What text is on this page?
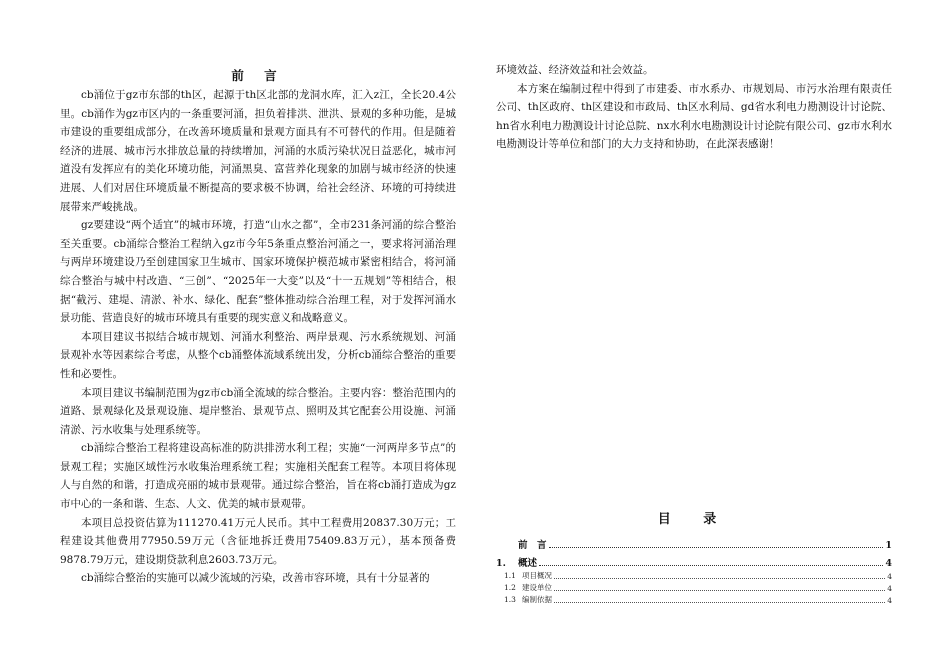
前 言

cb涌位于gz市东部的th区，起源于th区北部的龙洞水库，汇入z江，全长20.4公里。cb涌作为gz市区内的一条重要河涌，担负着排洪、泄洪、景观的多种功能，是城市建设的重要组成部分，在改善环境质量和景观方面具有不可替代的作用。但是随着经济的进展、城市污水排放总量的持续增加，河涌的水质污染状况日益恶化，城市河道没有发挥应有的美化环境功能，河涌黑臭、富营养化现象的加剧与城市经济的快速进展、人们对居住环境质量不断提高的要求极不协调，给社会经济、环境的可持续进展带来严峻挑战。

gz要建设“两个适宜”的城市环境，打造“山水之都”，全市231条河涌的综合整治至关重要。cb涌综合整治工程纳入gz市今年5条重点整治河涌之一，要求将河涌治理与两岸环境建设乃至创建国家卫生城市、国家环境保护模范城市紧密相结合，将河涌综合整治与城中村改造、“三创”、“2025年一大变”以及“十一五规划”等相结合，根据“截污、建堤、清淤、补水、绿化、配套”整体推动综合治理工程，对于发挥河涌水景功能、营造良好的城市环境具有重要的现实意义和战略意义。

本项目建议书拟结合城市规划、河涌水利整治、两岸景观、污水系统规划、河涌景观补水等因素综合考虑，从整个cb涌整体流域系统出发，分析cb涌综合整治的重要性和必要性。

本项目建议书编制范围为gz市cb涌全流域的综合整治。主要内容：整治范围内的道路、景观绿化及景观设施、堤岸整治、景观节点、照明及其它配套公用设施、河涌清淤、污水收集与处理系统等。

cb涌综合整治工程将建设高标准的防洪排涝水利工程；实施“一河两岸多节点”的景观工程；实施区域性污水收集治理系统工程；实施相关配套工程等。本项目将体现人与自然的和谐，打造成亮丽的城市景观带。通过综合整治，旨在将cb涌打造成为gz市中心的一条和谐、生态、人文、优美的城市景观带。

本项目总投资估算为111270.41万元人民币。其中工程费用20837.30万元；工程建设其他费用77950.59万元（含征地拆迁费用75409.83万元），基本预备费9878.79万元，建设期贷款利息2603.73万元。

cb涌综合整治的实施可以减少流域的污染，改善市容环境，具有十分显著的

环境效益、经济效益和社会效益。

本方案在编制过程中得到了市建委、市水系办、市规划局、市污水治理有限责任公司、th区政府、th区建设和市政局、th区水利局、gd省水利电力勘测设计讨论院、hn省水利电力勘测设计讨论总院、nx水利水电勘测设计讨论院有限公司、gz市水利水电勘测设计等单位和部门的大力支持和协助，在此深表感谢！

目 录
前　言	1
1. 概述	4
1.1 项目概况	4
1.2 建设单位	4
1.3 编制依据	4
